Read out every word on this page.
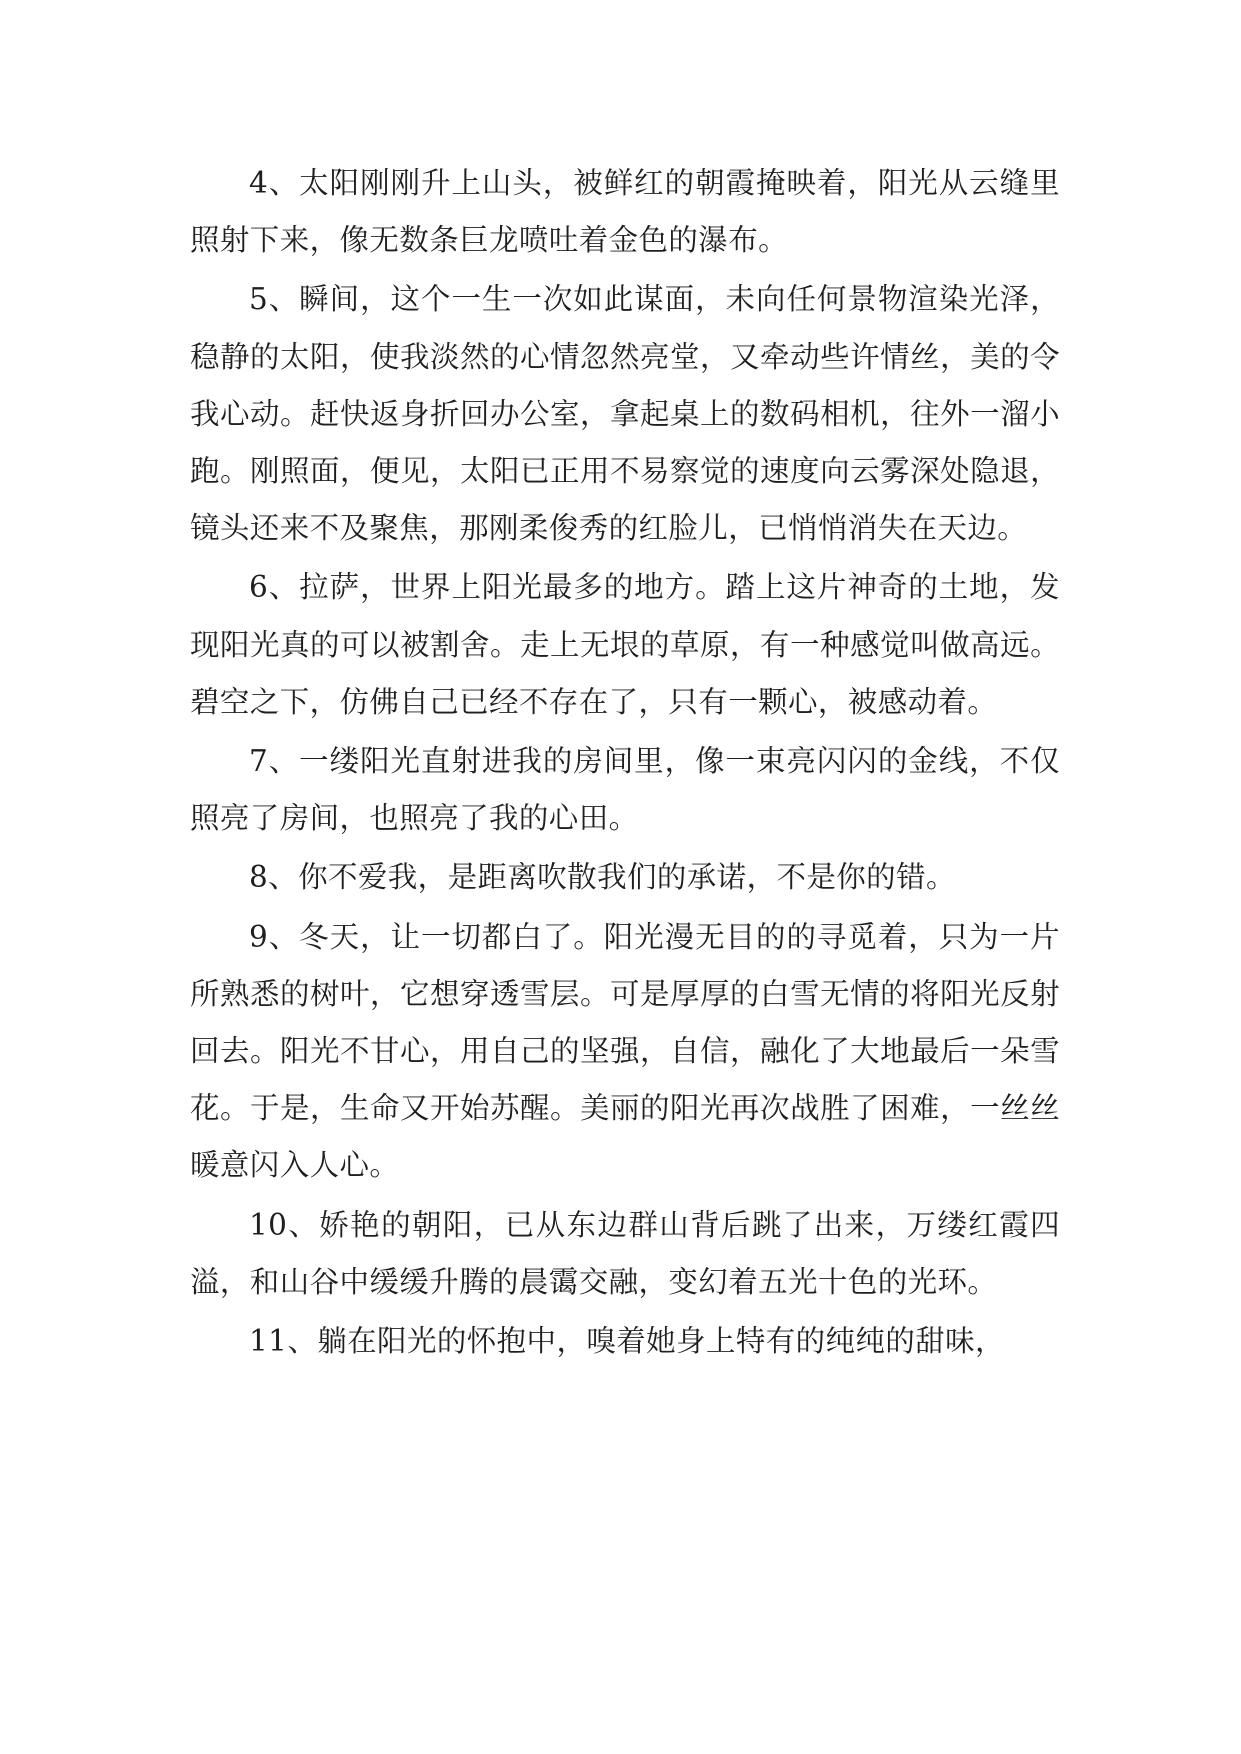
4、太阳刚刚升上山头，被鲜红的朝霞掩映着，阳光从云缝里照射下来，像无数条巨龙喷吐着金色的瀑布。

5、瞬间，这个一生一次如此谋面，未向任何景物渲染光泽，稳静的太阳，使我淡然的心情忽然亮堂，又牵动些许情丝，美的令我心动。赶快返身折回办公室，拿起桌上的数码相机，往外一溜小跑。刚照面，便见，太阳已正用不易察觉的速度向云雾深处隐退，镜头还来不及聚焦，那刚柔俊秀的红脸儿，已悄悄消失在天边。

6、拉萨，世界上阳光最多的地方。踏上这片神奇的土地，发现阳光真的可以被割舍。走上无垠的草原，有一种感觉叫做高远。碧空之下，仿佛自己已经不存在了，只有一颗心，被感动着。

7、一缕阳光直射进我的房间里，像一束亮闪闪的金线，不仅照亮了房间，也照亮了我的心田。

8、你不爱我，是距离吹散我们的承诺，不是你的错。

9、冬天，让一切都白了。阳光漫无目的的寻觅着，只为一片所熟悉的树叶，它想穿透雪层。可是厚厚的白雪无情的将阳光反射回去。阳光不甘心，用自己的坚强，自信，融化了大地最后一朵雪花。于是，生命又开始苏醒。美丽的阳光再次战胜了困难，一丝丝暖意闪入人心。

10、娇艳的朝阳，已从东边群山背后跳了出来，万缕红霞四溢，和山谷中缓缓升腾的晨霭交融，变幻着五光十色的光环。

11、躺在阳光的怀抱中，嗅着她身上特有的纯纯的甜味，
